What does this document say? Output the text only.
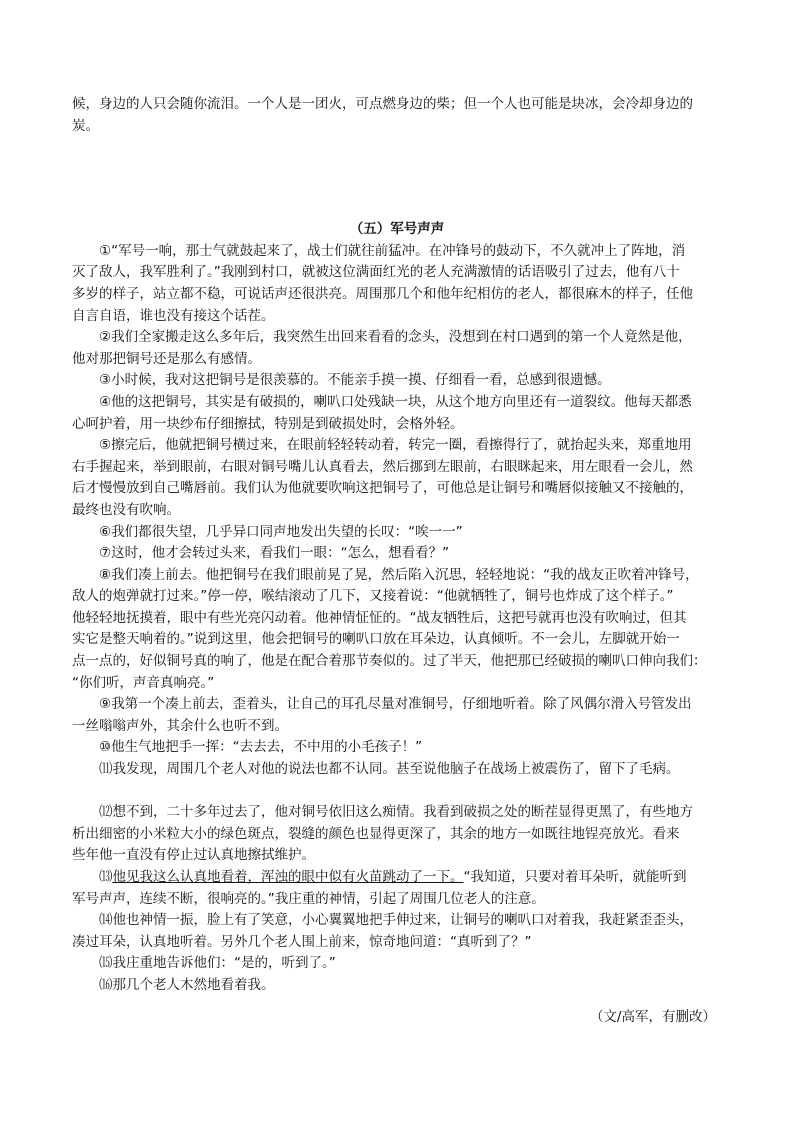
候，身边的人只会随你流泪。一个人是一团火，可点燃身边的柴；但一个人也可能是块冰，会冷却身边的
炭。
（五）军号声声
　　①“军号一响，那士气就鼓起来了，战士们就往前猛冲。在冲锋号的鼓动下，不久就冲上了阵地，消
灭了敌人，我军胜利了。”我刚到村口，就被这位满面红光的老人充满激情的话语吸引了过去，他有八十
多岁的样子，站立都不稳，可说话声还很洪亮。周围那几个和他年纪相仿的老人，都很麻木的样子，任他
自言自语，谁也没有接这个话茬。
　　②我们全家搬走这么多年后，我突然生出回来看看的念头，没想到在村口遇到的第一个人竟然是他，
他对那把铜号还是那么有感情。
　　③小时候，我对这把铜号是很羡慕的。不能亲手摸一摸、仔细看一看，总感到很遗憾。
　　④他的这把铜号，其实是有破损的，喇叭口处残缺一块，从这个地方向里还有一道裂纹。他每天都悉
心呵护着，用一块纱布仔细擦拭，特别是到破损处时，会格外轻。
　　⑤擦完后，他就把铜号横过来，在眼前轻轻转动着，转完一圈，看擦得行了，就抬起头来，郑重地用
右手握起来，举到眼前，右眼对铜号嘴儿认真看去，然后挪到左眼前，右眼眯起来，用左眼看一会儿，然
后才慢慢放到自己嘴唇前。我们认为他就要吹响这把铜号了，可他总是让铜号和嘴唇似接触又不接触的，
最终也没有吹响。
　　⑥我们都很失望，几乎异口同声地发出失望的长叹：“唉一一”
　　⑦这时，他才会转过头来，看我们一眼：“怎么，想看看？”
　　⑧我们凑上前去。他把铜号在我们眼前晃了晃，然后陷入沉思，轻轻地说：“我的战友正吹着冲锋号，
敌人的炮弹就打过来。”停一停，喉结滚动了几下，又接着说：“他就牺牲了，铜号也炸成了这个样子。”
他轻轻地抚摸着，眼中有些光亮闪动着。他神情怔怔的。“战友牺牲后，这把号就再也没有吹响过，但其
实它是整天响着的。”说到这里，他会把铜号的喇叭口放在耳朵边，认真倾听。不一会儿，左脚就开始一
点一点的，好似铜号真的响了，他是在配合着那节奏似的。过了半天，他把那已经破损的喇叭口伸向我们：
“你们听，声音真响亮。”
　　⑨我第一个凑上前去，歪着头，让自己的耳孔尽量对准铜号，仔细地听着。除了风偶尔滑入号管发出
一丝嗡嗡声外，其余什么也听不到。
　　⑩他生气地把手一挥：“去去去，不中用的小毛孩子！”
　　⑾我发现，周围几个老人对他的说法也都不认同。甚至说他脑子在战场上被震伤了，留下了毛病。
　　⑿想不到，二十多年过去了，他对铜号依旧这么痴情。我看到破损之处的断茬显得更黑了，有些地方
析出细密的小米粒大小的绿色斑点，裂缝的颜色也显得更深了，其余的地方一如既往地锃亮放光。看来
些年他一直没有停止过认真地擦拭维护。
　　⒀他见我这么认真地看着，浑浊的眼中似有火苗跳动了一下。“我知道，只要对着耳朵听，就能听到
军号声声，连续不断，很响亮的。”我庄重的神情，引起了周围几位老人的注意。
　　⒁他也神情一振，脸上有了笑意，小心翼翼地把手伸过来，让铜号的喇叭口对着我，我赶紧歪歪头，
凑过耳朵，认真地听着。另外几个老人围上前来，惊奇地问道：“真听到了？”
　　⒂我庄重地告诉他们：“是的，听到了。”
　　⒃那几个老人木然地看着我。
（文/高军，有删改）
